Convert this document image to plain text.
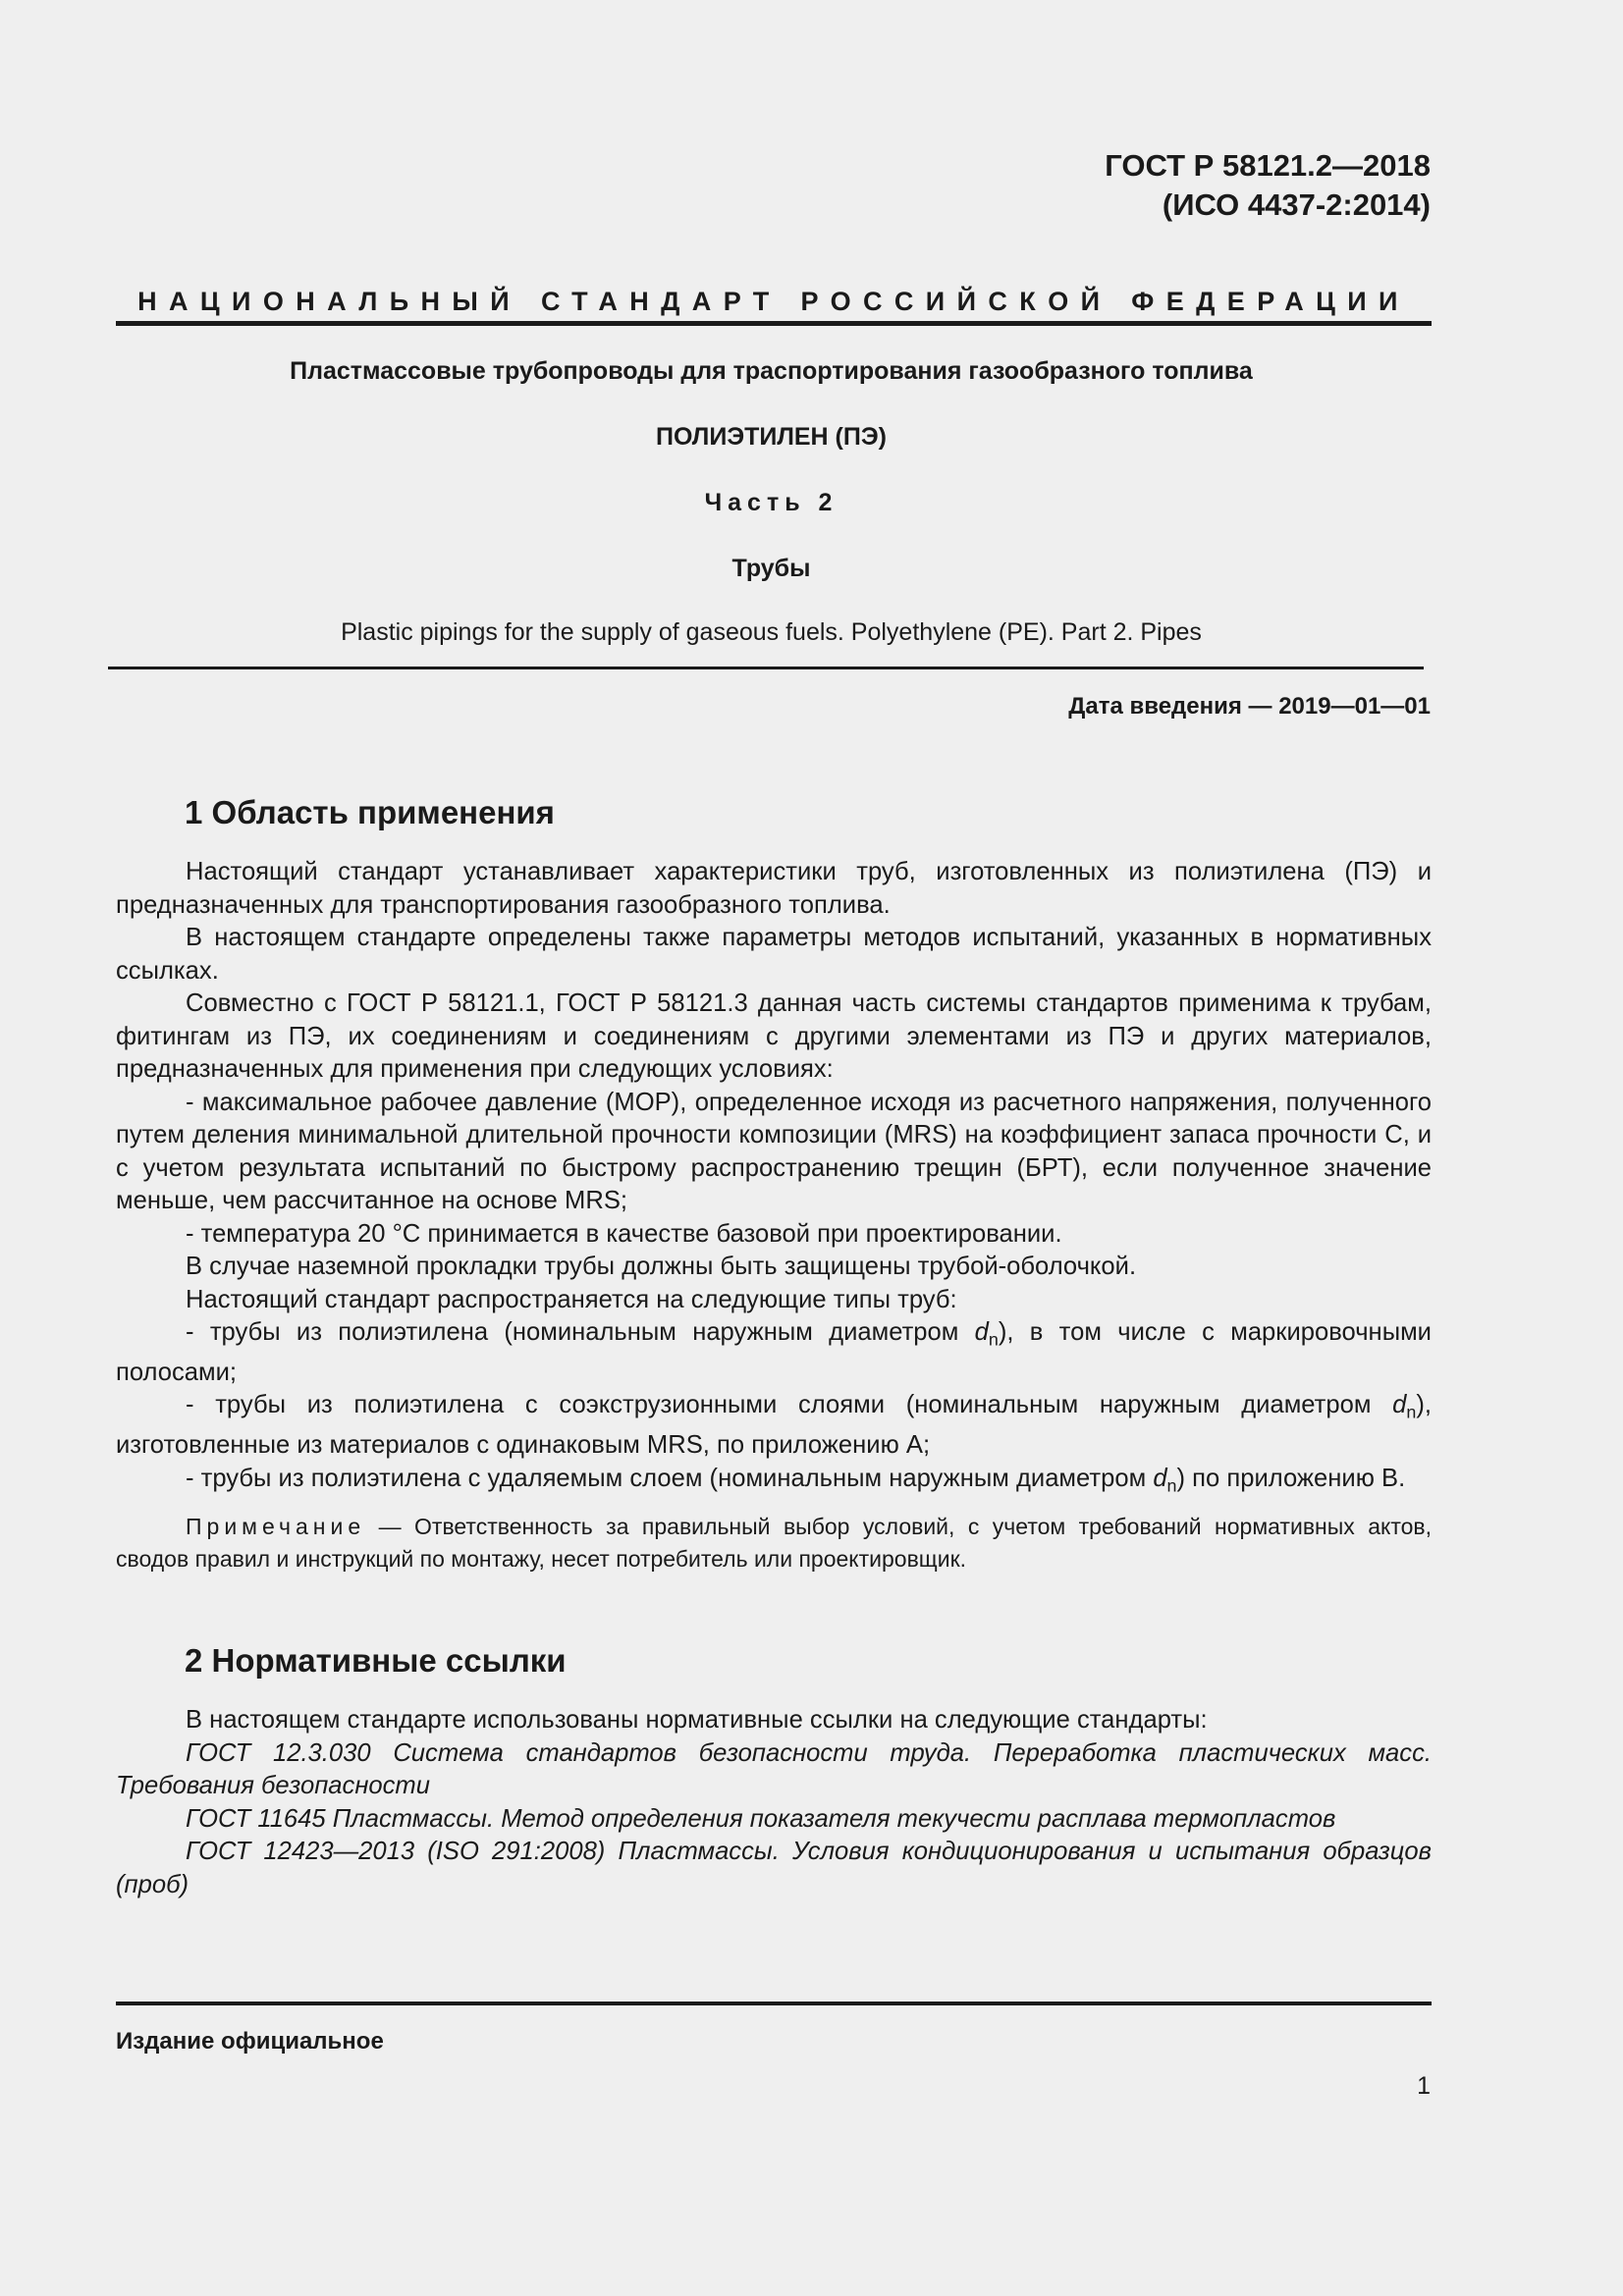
ГОСТ Р 58121.2—2018

(ИСО 4437-2:2014)

НАЦИОНАЛЬНЫЙ СТАНДАРТ РОССИЙСКОЙ ФЕДЕРАЦИИ

Пластмассовые трубопроводы для траспортирования газообразного топлива

ПОЛИЭТИЛЕН (ПЭ)

Часть 2

Трубы

Plastic pipings for the supply of gaseous fuels. Polyethylene (PE). Part 2. Pipes

Дата введения — 2019—01—01

1 Область применения

Настоящий стандарт устанавливает характеристики труб, изготовленных из полиэтилена (ПЭ) и предназначенных для транспортирования газообразного топлива.

В настоящем стандарте определены также параметры методов испытаний, указанных в нормативных ссылках.

Совместно с ГОСТ Р 58121.1, ГОСТ Р 58121.3 данная часть системы стандартов применима к трубам, фитингам из ПЭ, их соединениям и соединениям с другими элементами из ПЭ и других материалов, предназначенных для применения при следующих условиях:

- максимальное рабочее давление (МОР), определенное исходя из расчетного напряжения, полученного путем деления минимальной длительной прочности композиции (MRS) на коэффициент запаса прочности С, и с учетом результата испытаний по быстрому распространению трещин (БРТ), если полученное значение меньше, чем рассчитанное на основе MRS;

- температура 20 °С принимается в качестве базовой при проектировании.

В случае наземной прокладки трубы должны быть защищены трубой-оболочкой.

Настоящий стандарт распространяется на следующие типы труб:

- трубы из полиэтилена (номинальным наружным диаметром $d_n$), в том числе с маркировочными полосами;

- трубы из полиэтилена с соэкструзионными слоями (номинальным наружным диаметром $d_n$), изготовленные из материалов с одинаковым MRS, по приложению А;

- трубы из полиэтилена с удаляемым слоем (номинальным наружным диаметром $d_n$) по приложению В.

Примечание — Ответственность за правильный выбор условий, с учетом требований нормативных актов, сводов правил и инструкций по монтажу, несет потребитель или проектировщик.

2 Нормативные ссылки

В настоящем стандарте использованы нормативные ссылки на следующие стандарты:

ГОСТ 12.3.030 Система стандартов безопасности труда. Переработка пластических масс. Требования безопасности

ГОСТ 11645 Пластмассы. Метод определения показателя текучести расплава термопластов

ГОСТ 12423—2013 (ISO 291:2008) Пластмассы. Условия кондиционирования и испытания образцов (проб)

Издание официальное

1
